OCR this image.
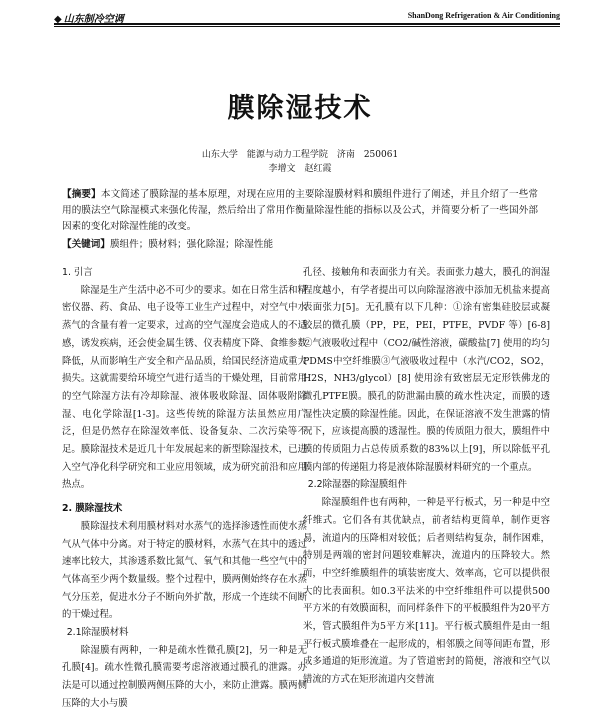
◆ 山东制冷空调	ShanDong Refrigeration & Air Conditioning
膜除湿技术
山东大学　能源与动力工程学院　济南　250061
李增文　赵红霞
【摘要】本文简述了膜除湿的基本原理，对现在应用的主要除湿膜材料和膜组件进行了阐述，并且介绍了一些常用的膜法空气除湿模式来强化传湿，然后给出了常用作衡量除湿性能的指标以及公式，并简要分析了一些国外部因素的变化对除湿性能的改变。
【关键词】膜组件；膜材料；强化除湿；除湿性能

1. 引言

除湿是生产生活中必不可少的要求。如在日常生活和精密仪器、药、食品、电子设等工业生产过程中，对空气中水蒸气的含量有着一定要求，过高的空气湿度会造成人的不适感，诱发疾病，还会使金属生锈、仪表精度下降、食维参数降低，从而影响生产安全和产品品质，给国民经济造成重大损失。这就需要给环境空气进行适当的干燥处理，目前常用的空气除湿方法有冷却除湿、液体吸收除湿、固体吸附除湿、电化学除湿[1-3]。这些传统的除湿方法虽然应用广泛，但是仍然存在除湿效率低、设备复杂、二次污染等不足。膜除湿技术是近几十年发展起来的新型除湿技术，已进入空气净化科学研究和工业应用领域，成为研究前沿和应用热点。

2. 膜除湿技术

膜除湿技术利用膜材料对水蒸气的选择渗透性而使水蒸气从气体中分离。对于特定的膜材料，水蒸气在其中的透过速率比较大，其渗透系数比氮气、氧气和其他一些空气中的气体高至少两个数量级。整个过程中，膜两侧始终存在水蒸气分压差，促进水分子不断向外扩散，形成一个连续不间断的干燥过程。

2.1除湿膜材料

除湿膜有两种，一种是疏水性微孔膜[2]，另一种是无孔膜[4]。疏水性微孔膜需要考虑溶液通过膜孔的泄露。办法是可以通过控制膜两侧压降的大小，来防止泄露。膜两侧压降的大小与膜

孔径、接触角和表面张力有关。表面张力越大，膜孔的润湿程度越小，有学者提出可以向除湿溶液中添加无机盐来提高表面张力[5]。无孔膜有以下几种：①涂有密集硅胶层或凝胶层的微孔膜（PP，PE，PEI，PTFE，PVDF 等）[6-8] ②气液吸收过程中（CO2/碱性溶液，碳酸盐[7] 使用的均匀PDMS中空纤维膜③气液吸收过程中（水汽/CO2，SO2，H2S，NH3/glycol）[8] 使用涂有致密层无定形铁佛龙的微孔PTFE膜。膜孔的防泄漏由膜的疏水性决定，而膜的透湿性决定膜的除湿性能。因此，在保证溶液不发生泄露的情况下，应该提高膜的透湿性。膜的传质阻力很大，膜组件中膜的传质阻力占总传质系数的83%以上[9]，所以除低平孔膜内部的传递阻力将是液体除湿膜材料研究的一个重点。

2.2除湿器的除湿膜组件

除湿膜组件也有两种，一种是平行板式，另一种是中空纤维式。它们各有其优缺点，前者结构更简单，制作更容易，流道内的压降相对较低；后者则结构复杂，制作困难，特别是两端的密封问题较难解决，流道内的压降较大。然而，中空纤维膜组件的填装密度大、效率高，它可以提供很大的比表面积。如0.3平法米的中空纤维组件可以提供500平方米的有效膜面积，而同样条件下的平板膜组件为20平方米，管式膜组件为5平方米[11]。平行板式膜组件是由一组平行板式膜堆叠在一起形成的，相邻膜之间等间距布置，形成多通道的矩形流道。为了管道密封的简便，溶液和空气以错流的方式在矩形流道内交替流
